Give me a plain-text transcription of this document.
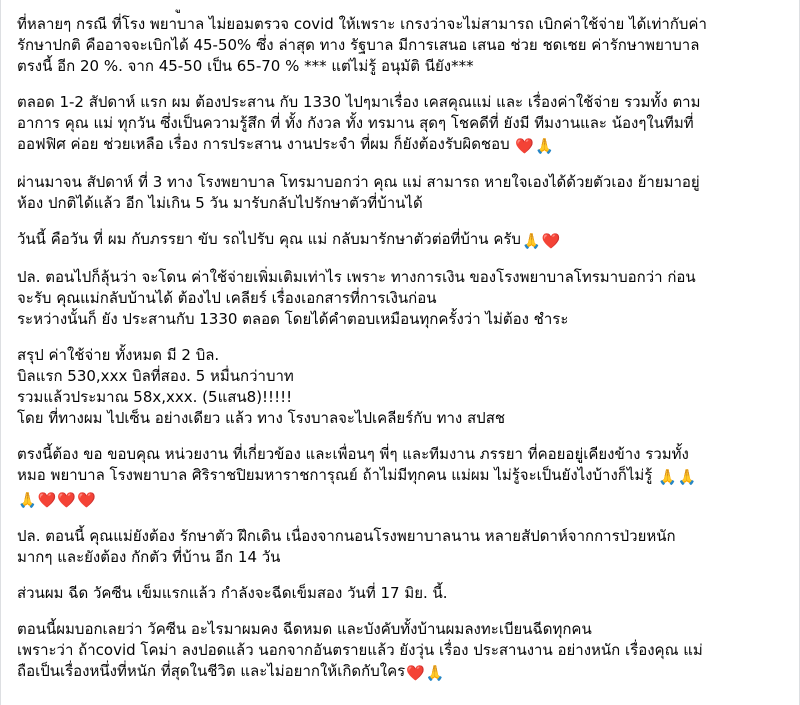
ที่หลายๆ กรณี ที่โรง พยาบาล ไม่ยอมตรวจ covid ให้เพราะ เกรงว่าจะไม่สามารถ เบิกค่าใช้จ่าย ได้เท่ากับค่า
รักษาปกติ คืออาจจะเบิกได้ 45-50% ซึ่ง ล่าสุด ทาง รัฐบาล มีการเสนอ เสนอ ช่วย ชดเชย ค่ารักษาพยาบาล
ตรงนี้ อีก 20 %. จาก 45-50 เป็น 65-70 % *** แต่ไม่รู้ อนุมัติ นียัง***
ตลอด 1-2 สัปดาห์ แรก ผม ต้องประสาน กับ 1330 ไปๆมาเรื่อง เคสคุณแม่ และ เรื่องค่าใช้จ่าย รวมทั้ง ตาม
อาการ คุณ แม่ ทุกวัน ซึ่งเป็นความรู้สึก ที่ ทั้ง กังวล ทั้ง ทรมาน สุดๆ โชคดีที่ ยังมี ทีมงานและ น้องๆในทีมที่
ออฟฟิศ ค่อย ช่วยเหลือ เรื่อง การประสาน งานประจำ ที่ผม ก็ยังต้องรับผิดชอบ ❤️🙏
ผ่านมาจน สัปดาห์ ที่ 3 ทาง โรงพยาบาล โทรมาบอกว่า คุณ แม่ สามารถ หายใจเองได้ด้วยตัวเอง ย้ายมาอยู่
ห้อง ปกติได้แล้ว อีก ไม่เกิน 5 วัน มารับกลับไปรักษาตัวที่บ้านได้
วันนี้ คือวัน ที่ ผม กับภรรยา ขับ รถไปรับ คุณ แม่ กลับมารักษาตัวต่อที่บ้าน ครับ🙏❤️
ปล. ตอนไปก็ลุ้นว่า จะโดน ค่าใช้จ่ายเพิ่มเติมเท่าไร เพราะ ทางการเงิน ของโรงพยาบาลโทรมาบอกว่า ก่อน
จะรับ คุณแม่กลับบ้านได้ ต้องไป เคลียร์ เรื่องเอกสารที่การเงินก่อน
ระหว่างนั้นก็ ยัง ประสานกับ 1330 ตลอด โดยได้คำตอบเหมือนทุกครั้งว่า ไม่ต้อง ชำระ
สรุป ค่าใช้จ่าย ทั้งหมด มี 2 บิล.
บิลแรก 530,xxx บิลที่สอง. 5 หมื่นกว่าบาท
รวมแล้วประมาณ 58x,xxx. (5แสน8)!!!!!
โดย ที่ทางผม ไปเซ็น อย่างเดียว แล้ว ทาง โรงบาลจะไปเคลียร์กับ ทาง สปสช
ตรงนี้ต้อง ขอ ขอบคุณ หน่วยงาน ที่เกี่ยวข้อง และเพื่อนๆ พี่ๆ และทีมงาน ภรรยา ที่คอยอยู่เคียงข้าง รวมทั้ง
หมอ พยาบาล โรงพยาบาล ศิริราชปิยมหาราชการุณย์ ถ้าไม่มีทุกคน แม่ผม ไม่รู้จะเป็นยังไงบ้างก็ไม่รู้ 🙏🙏
🙏❤️❤️❤️
ปล. ตอนนี้ คุณแม่ยังต้อง รักษาตัว ฝึกเดิน เนื่องจากนอนโรงพยาบาลนาน หลายสัปดาห์จากการป่วยหนัก
มากๆ และยังต้อง กักตัว ที่บ้าน อีก 14 วัน
ส่วนผม ฉีด วัคซีน เข็มแรกแล้ว กำลังจะฉีดเข็มสอง วันที่ 17 มิย. นี้.
ตอนนี้ผมบอกเลยว่า วัคซีน อะไรมาผมคง ฉีดหมด และบังคับทั้งบ้านผมลงทะเบียนฉีดทุกคน
เพราะว่า ถ้าcovid โคม่า ลงปอดแล้ว นอกจากอันตรายแล้ว ยังวุ่น เรื่อง ประสานงาน อย่างหนัก เรื่องคุณ แม่
ถือเป็นเรื่องหนึ่งที่หนัก ที่สุดในชีวิต และไม่อยากให้เกิดกับใคร❤️🙏
